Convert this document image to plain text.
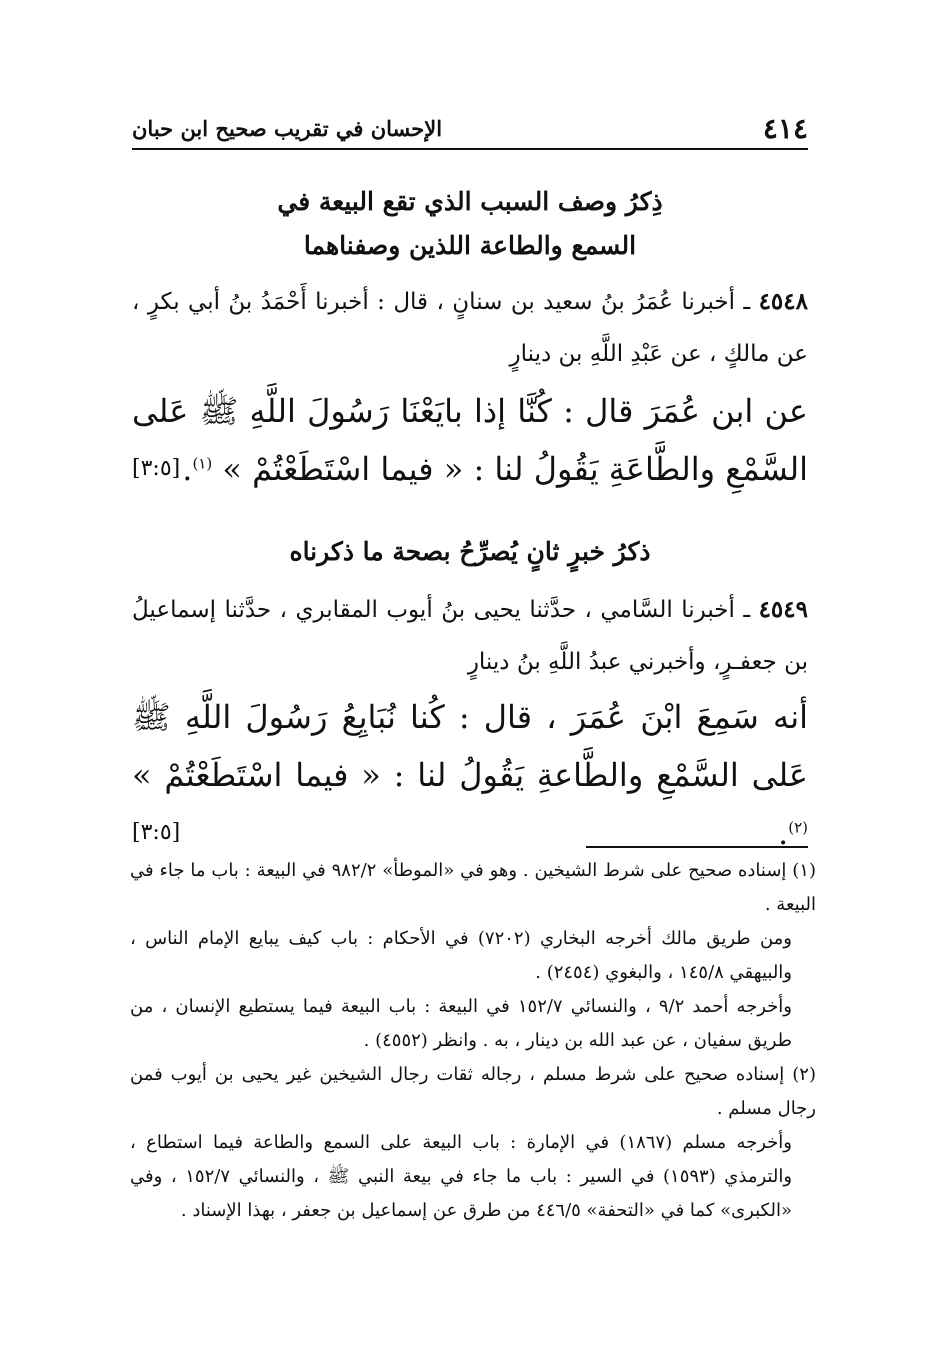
٤١٤
الإحسان في تقريب صحيح ابن حبان
ذِكرُ وصف السبب الذي تقع البيعة في
السمع والطاعة اللذين وصفناهما
٤٥٤٨ ـ أخبرنا عُمَرُ بنُ سعيد بن سنانٍ ، قال : أخبرنا أَحْمَدُ بنُ أبي بكرٍ ، عن مالكٍ ، عن عَبْدِ اللَّهِ بن دينارٍ
عن ابن عُمَرَ قال : كُنَّا إذا بايَعْنَا رَسُولَ اللَّهِ ﷺ عَلى السَّمْعِ والطَّاعَةِ يَقُولُ لنا : « فيما اسْتَطَعْتُمْ » $^{(١)}$.
[٣:٥]
ذكرُ خبرٍ ثانٍ يُصرِّحُ بصحة ما ذكرناه
٤٥٤٩ ـ أخبرنا السَّامي ، حدَّثنا يحيى بنُ أيوب المقابري ، حدَّثنا إسماعيلُ بن جعفـرٍ، وأخبرني عبدُ اللَّهِ بنُ دينارٍ
أنه سَمِعَ ابْنَ عُمَرَ ، قال : كُنا نُبَايِعُ رَسُولَ اللَّهِ ﷺ عَلى السَّمْعِ والطَّاعةِ يَقُولُ لنا : « فيما اسْتَطَعْتُمْ » $^{(٢)}$.
[٣:٥]

(١) إسناده صحيح على شرط الشيخين . وهو في «الموطأ» ٩٨٢/٢ في البيعة : باب ما جاء في البيعة .

ومن طريق مالك أخرجه البخاري (٧٢٠٢) في الأحكام : باب كيف يبايع الإمام الناس ، والبيهقي ١٤٥/٨ ، والبغوي (٢٤٥٤) .

وأخرجه أحمد ٩/٢ ، والنسائي ١٥٢/٧ في البيعة : باب البيعة فيما يستطيع الإنسان ، من طريق سفيان ، عن عبد الله بن دينار ، به . وانظر (٤٥٥٢) .

(٢) إسناده صحيح على شرط مسلم ، رجاله ثقات رجال الشيخين غير يحيى بن أيوب فمن رجال مسلم .

وأخرجه مسلم (١٨٦٧) في الإمارة : باب البيعة على السمع والطاعة فيما استطاع ، والترمذي (١٥٩٣) في السير : باب ما جاء في بيعة النبي ﷺ ، والنسائي ١٥٢/٧ ، وفي «الكبرى» كما في «التحفة» ٤٤٦/٥ من طرق عن إسماعيل بن جعفر ، بهذا الإسناد .
